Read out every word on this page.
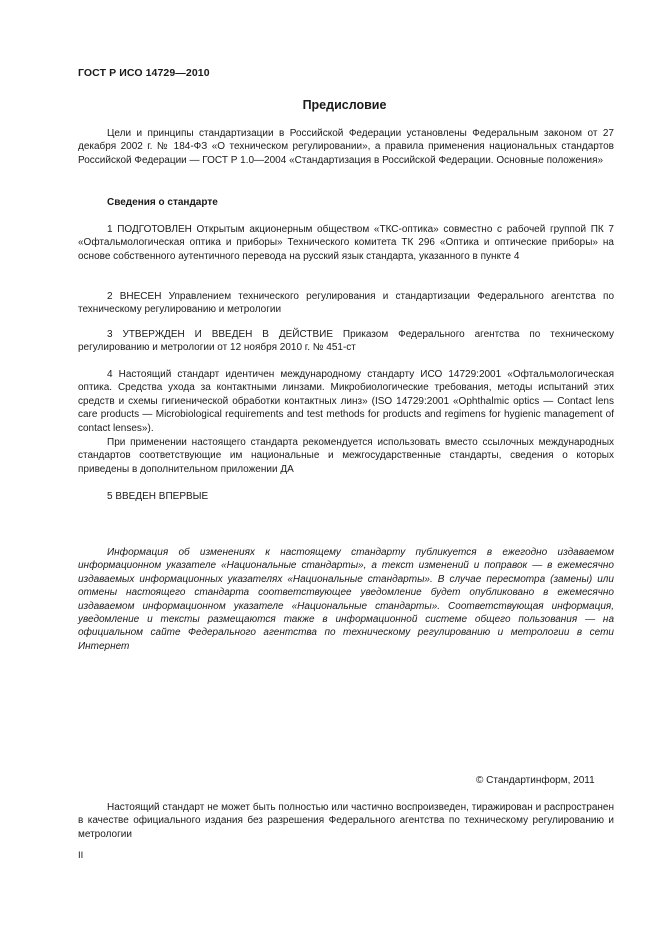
ГОСТ Р ИСО 14729—2010
Предисловие
Цели и принципы стандартизации в Российской Федерации установлены Федеральным законом от 27 декабря 2002 г. № 184-ФЗ «О техническом регулировании», а правила применения национальных стандартов Российской Федерации — ГОСТ Р 1.0—2004 «Стандартизация в Российской Федерации. Основные положения»
Сведения о стандарте
1 ПОДГОТОВЛЕН Открытым акционерным обществом «ТКС-оптика» совместно с рабочей группой ПК 7 «Офтальмологическая оптика и приборы» Технического комитета ТК 296 «Оптика и оптические приборы» на основе собственного аутентичного перевода на русский язык стандарта, указанного в пункте 4
2 ВНЕСЕН Управлением технического регулирования и стандартизации Федерального агентства по техническому регулированию и метрологии
3 УТВЕРЖДЕН И ВВЕДЕН В ДЕЙСТВИЕ Приказом Федерального агентства по техническому регулированию и метрологии от 12 ноября 2010 г. № 451-ст
4 Настоящий стандарт идентичен международному стандарту ИСО 14729:2001 «Офтальмологическая оптика. Средства ухода за контактными линзами. Микробиологические требования, методы испытаний этих средств и схемы гигиенической обработки контактных линз» (ISO 14729:2001 «Ophthalmic optics — Contact lens care products — Microbiological requirements and test methods for products and regimens for hygienic management of contact lenses»).
При применении настоящего стандарта рекомендуется использовать вместо ссылочных международных стандартов соответствующие им национальные и межгосударственные стандарты, сведения о которых приведены в дополнительном приложении ДА
5 ВВЕДЕН ВПЕРВЫЕ
Информация об изменениях к настоящему стандарту публикуется в ежегодно издаваемом информационном указателе «Национальные стандарты», а текст изменений и поправок — в ежемесячно издаваемых информационных указателях «Национальные стандарты». В случае пересмотра (замены) или отмены настоящего стандарта соответствующее уведомление будет опубликовано в ежемесячно издаваемом информационном указателе «Национальные стандарты». Соответствующая информация, уведомление и тексты размещаются также в информационной системе общего пользования — на официальном сайте Федерального агентства по техническому регулированию и метрологии в сети Интернет
© Стандартинформ, 2011
Настоящий стандарт не может быть полностью или частично воспроизведен, тиражирован и распространен в качестве официального издания без разрешения Федерального агентства по техническому регулированию и метрологии
II
